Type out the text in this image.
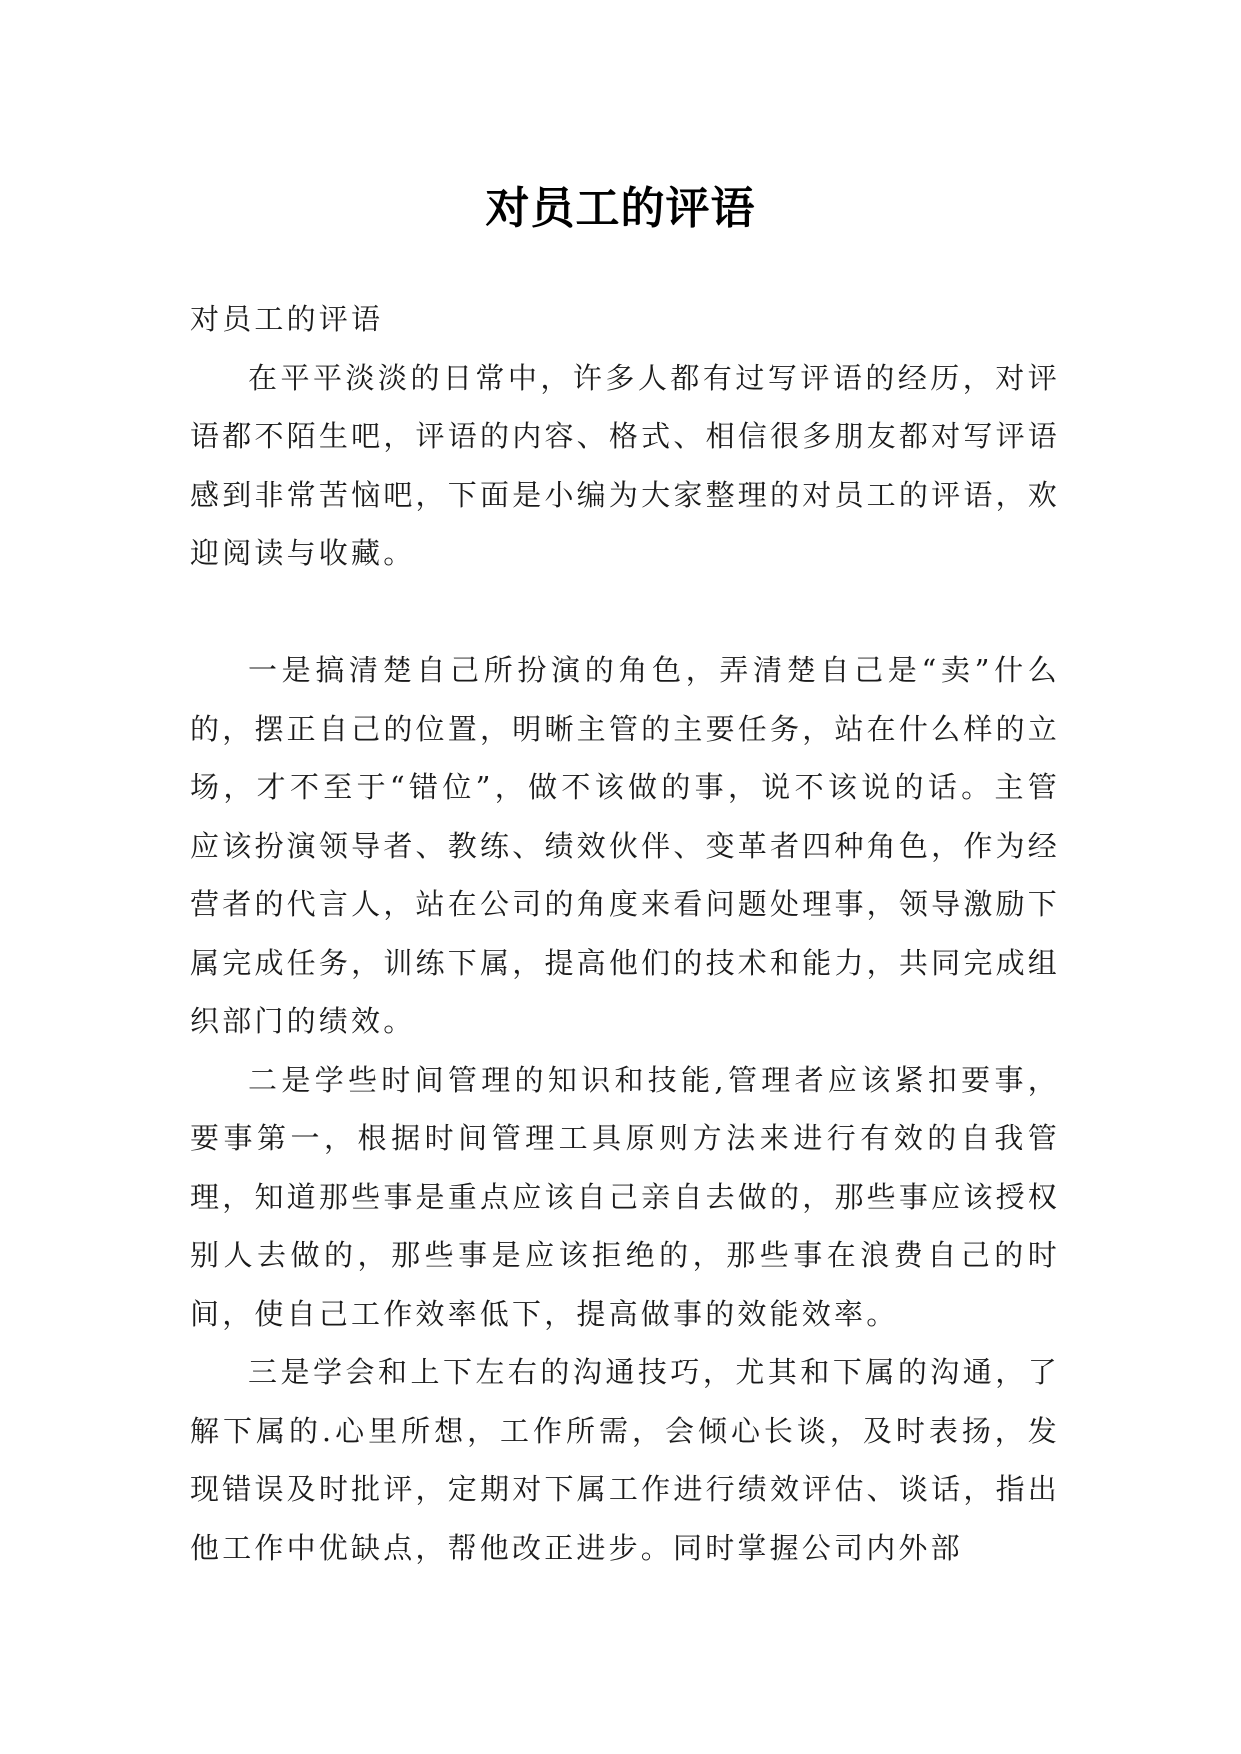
对员工的评语

对员工的评语

在平平淡淡的日常中，许多人都有过写评语的经历，对评语都不陌生吧，评语的内容、格式、相信很多朋友都对写评语感到非常苦恼吧，下面是小编为大家整理的对员工的评语，欢迎阅读与收藏。

一是搞清楚自己所扮演的角色，弄清楚自己是“卖”什么的，摆正自己的位置，明晰主管的主要任务，站在什么样的立场，才不至于“错位”，做不该做的事，说不该说的话。主管应该扮演领导者、教练、绩效伙伴、变革者四种角色，作为经营者的代言人，站在公司的角度来看问题处理事，领导激励下属完成任务，训练下属，提高他们的技术和能力，共同完成组织部门的绩效。

二是学些时间管理的知识和技能,管理者应该紧扣要事，要事第一，根据时间管理工具原则方法来进行有效的自我管理，知道那些事是重点应该自己亲自去做的，那些事应该授权别人去做的，那些事是应该拒绝的，那些事在浪费自己的时间，使自己工作效率低下，提高做事的效能效率。

三是学会和上下左右的沟通技巧，尤其和下属的沟通，了解下属的.心里所想，工作所需，会倾心长谈，及时表扬，发现错误及时批评，定期对下属工作进行绩效评估、谈话，指出他工作中优缺点，帮他改正进步。同时掌握公司内外部
